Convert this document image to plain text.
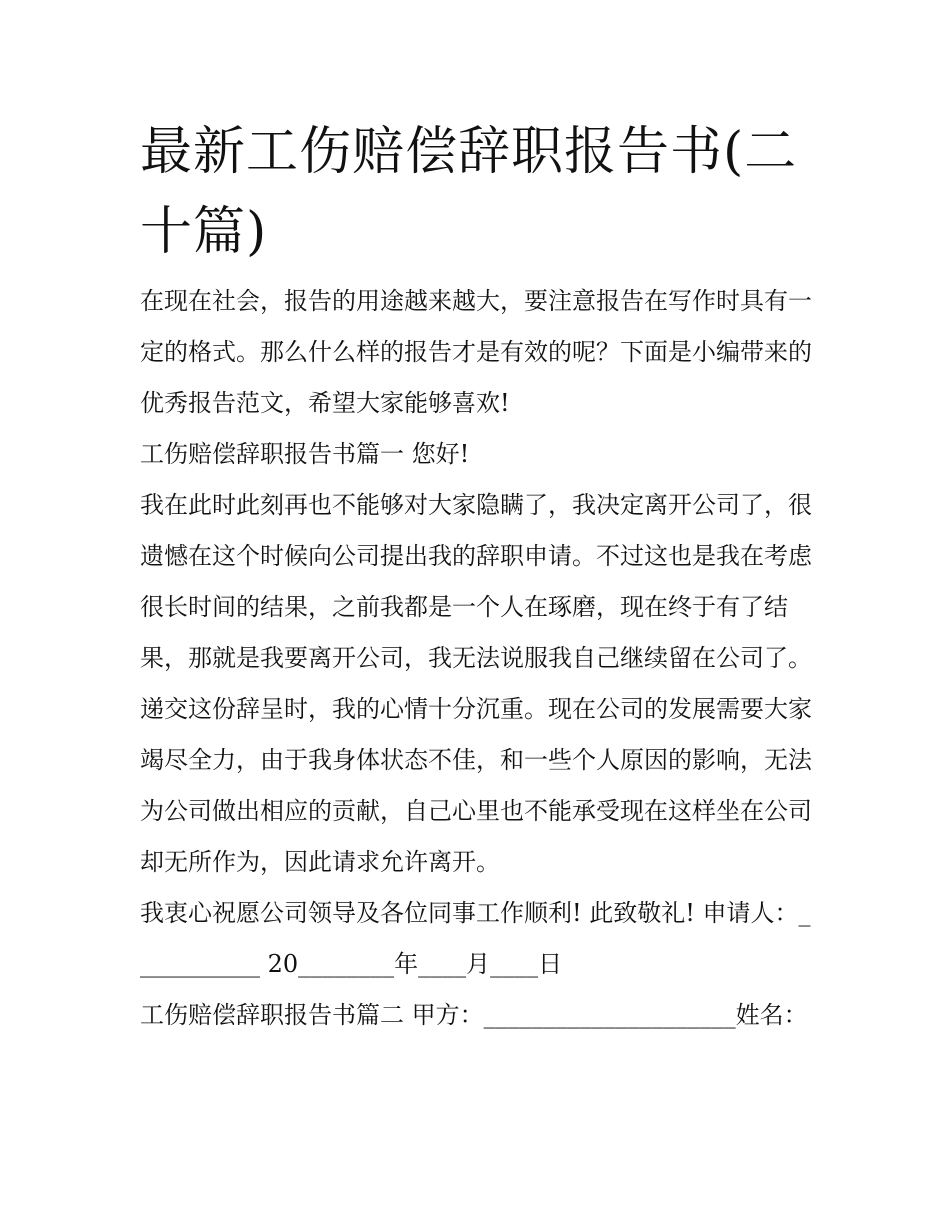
最新工伤赔偿辞职报告书(二十篇)

在现在社会，报告的用途越来越大，要注意报告在写作时具有一定的格式。那么什么样的报告才是有效的呢？下面是小编带来的优秀报告范文，希望大家能够喜欢!

工伤赔偿辞职报告书篇一 您好!

我在此时此刻再也不能够对大家隐瞒了，我决定离开公司了，很遗憾在这个时候向公司提出我的辞职申请。不过这也是我在考虑很长时间的结果，之前我都是一个人在琢磨，现在终于有了结果，那就是我要离开公司，我无法说服我自己继续留在公司了。

递交这份辞呈时，我的心情十分沉重。现在公司的发展需要大家竭尽全力，由于我身体状态不佳，和一些个人原因的影响，无法为公司做出相应的贡献，自己心里也不能承受现在这样坐在公司却无所作为，因此请求允许离开。

我衷心祝愿公司领导及各位同事工作顺利! 此致敬礼! 申请人：___________ 20________年____月____日

工伤赔偿辞职报告书篇二 甲方：_____________________姓名：
